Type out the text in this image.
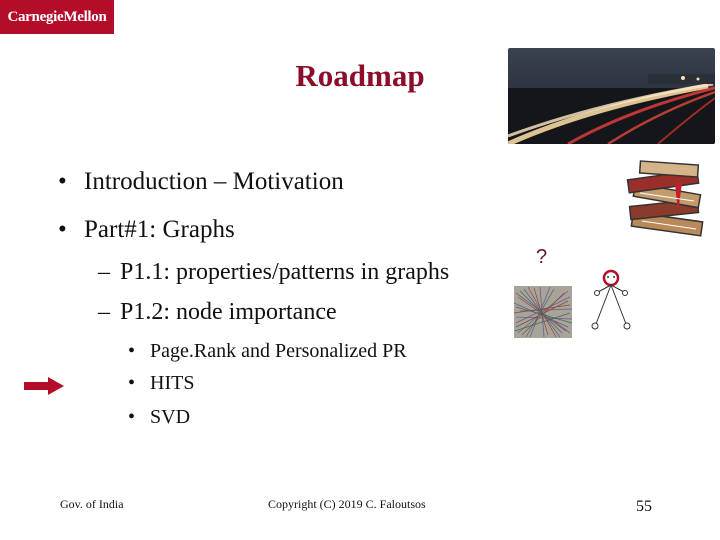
CarnegieMellon
Roadmap
• Introduction – Motivation
• Part#1: Graphs
– P1.1: properties/patterns in graphs
– P1.2: node importance
• Page.Rank and Personalized PR
• HITS
• SVD
?
Gov. of India	Copyright (C) 2019 C. Faloutsos	55
